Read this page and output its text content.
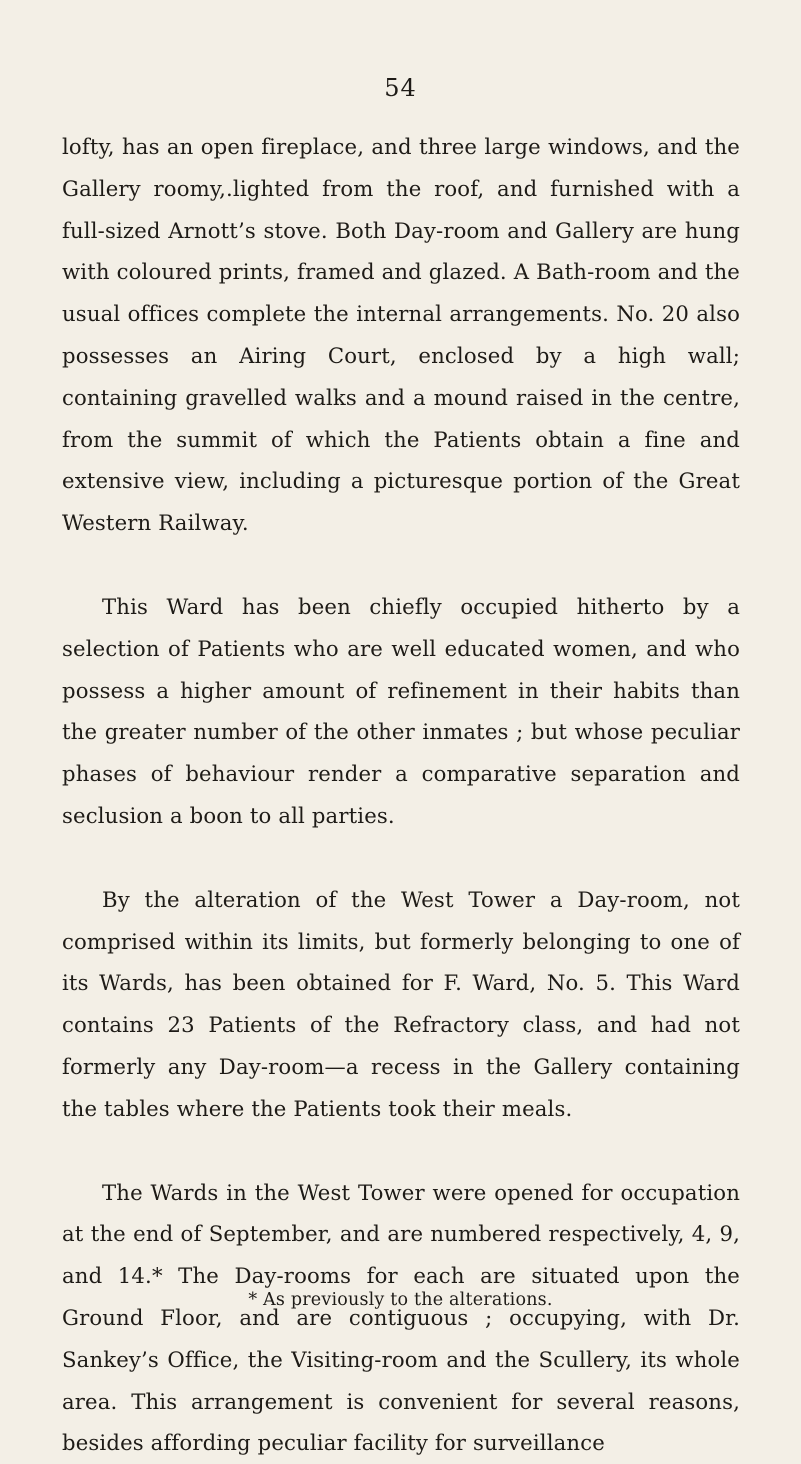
54

lofty, has an open fireplace, and three large windows, and the Gallery roomy,.lighted from the roof, and furnished with a full-sized Arnott’s stove. Both Day-room and Gallery are hung with coloured prints, framed and glazed. A Bath-room and the usual offices complete the internal arrangements. No. 20 also possesses an Airing Court, enclosed by a high wall; containing gravelled walks and a mound raised in the centre, from the summit of which the Patients obtain a fine and extensive view, including a picturesque portion of the Great Western Railway.

This Ward has been chiefly occupied hitherto by a selection of Patients who are well educated women, and who possess a higher amount of refinement in their habits than the greater number of the other inmates ; but whose peculiar phases of behaviour render a comparative separation and seclusion a boon to all parties.

By the alteration of the West Tower a Day-room, not comprised within its limits, but formerly belonging to one of its Wards, has been obtained for F. Ward, No. 5. This Ward contains 23 Patients of the Refractory class, and had not formerly any Day-room—a recess in the Gallery containing the tables where the Patients took their meals.

The Wards in the West Tower were opened for occupation at the end of September, and are numbered respectively, 4, 9, and 14.* The Day-rooms for each are situated upon the Ground Floor, and are contiguous ; occupying, with Dr. Sankey’s Office, the Visiting-room and the Scullery, its whole area. This arrangement is convenient for several reasons, besides affording peculiar facility for surveillance

* As previously to the alterations.
